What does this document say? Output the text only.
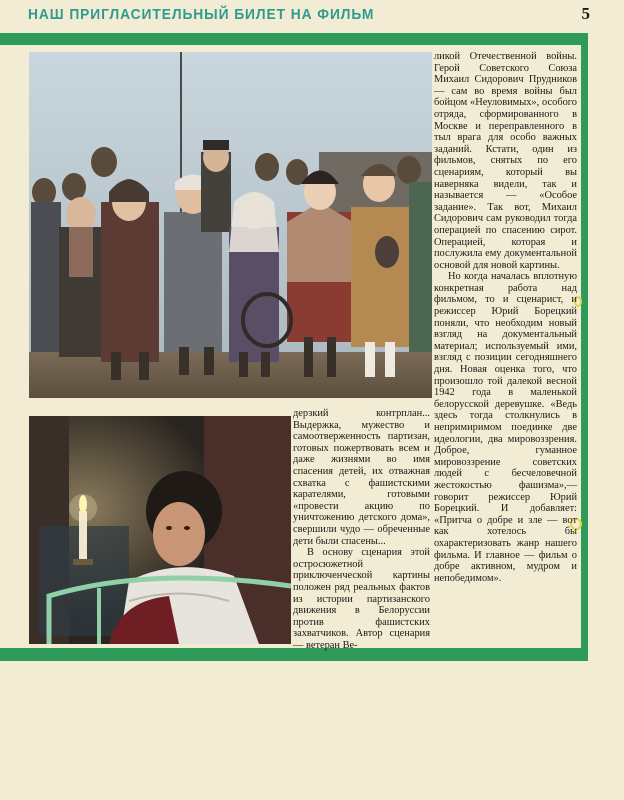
НАШ ПРИГЛАСИТЕЛЬНЫЙ БИЛЕТ НА ФИЛЬМ	5

ликой Отечественной войны. Герой Советского Союза Михаил Сидорович Прудников — сам во время войны был бойцом «Неуловимых», особого отряда, сформированного в Москве и переправленного в тыл врага для особо важных заданий. Кстати, один из фильмов, снятых по его сценариям, который вы наверняка видели, так и называется — «Особое задание». Так вот, Михаил Сидорович сам руководил тогда операцией по спасению сирот. Операцией, которая и послужила ему документальной основой для новой картины.

Но когда началась вплотную конкретная работа над фильмом, то и сценарист, и режиссер Юрий Борецкий поняли, что необходим новый взгляд на документальный материал; используемый ими, взгляд с позиции сегодняшнего дня. Новая оценка того, что произошло той далекой весной 1942 года в маленькой белорусской деревушке. «Ведь здесь тогда столкнулись в непримиримом поединке две идеологии, два мировоззрения. Доброе, гуманное мировоззрение советских людей с бесчеловечной жестокостью фашизма»,— говорит режиссер Юрий Борецкий. И добавляет: «Притча о добре и зле — вот как хотелось бы охарактеризовать жанр нашего фильма. И главное — фильм о добре активном, мудром и непобедимом».

дерзкий контрплан... Выдержка, мужество и самоотверженность партизан, готовых пожертвовать всем и даже жизнями во имя спасения детей, их отважная схватка с фашистскими карателями, готовыми «провести акцию по уничтожению детского дома», свершили чудо — обреченные дети были спасены...

В основу сценария этой остросюжетной приключенческой картины положен ряд реальных фактов из истории партизанского движения в Белоруссии против фашистских захватчиков. Автор сценария — ветеран Ве-
